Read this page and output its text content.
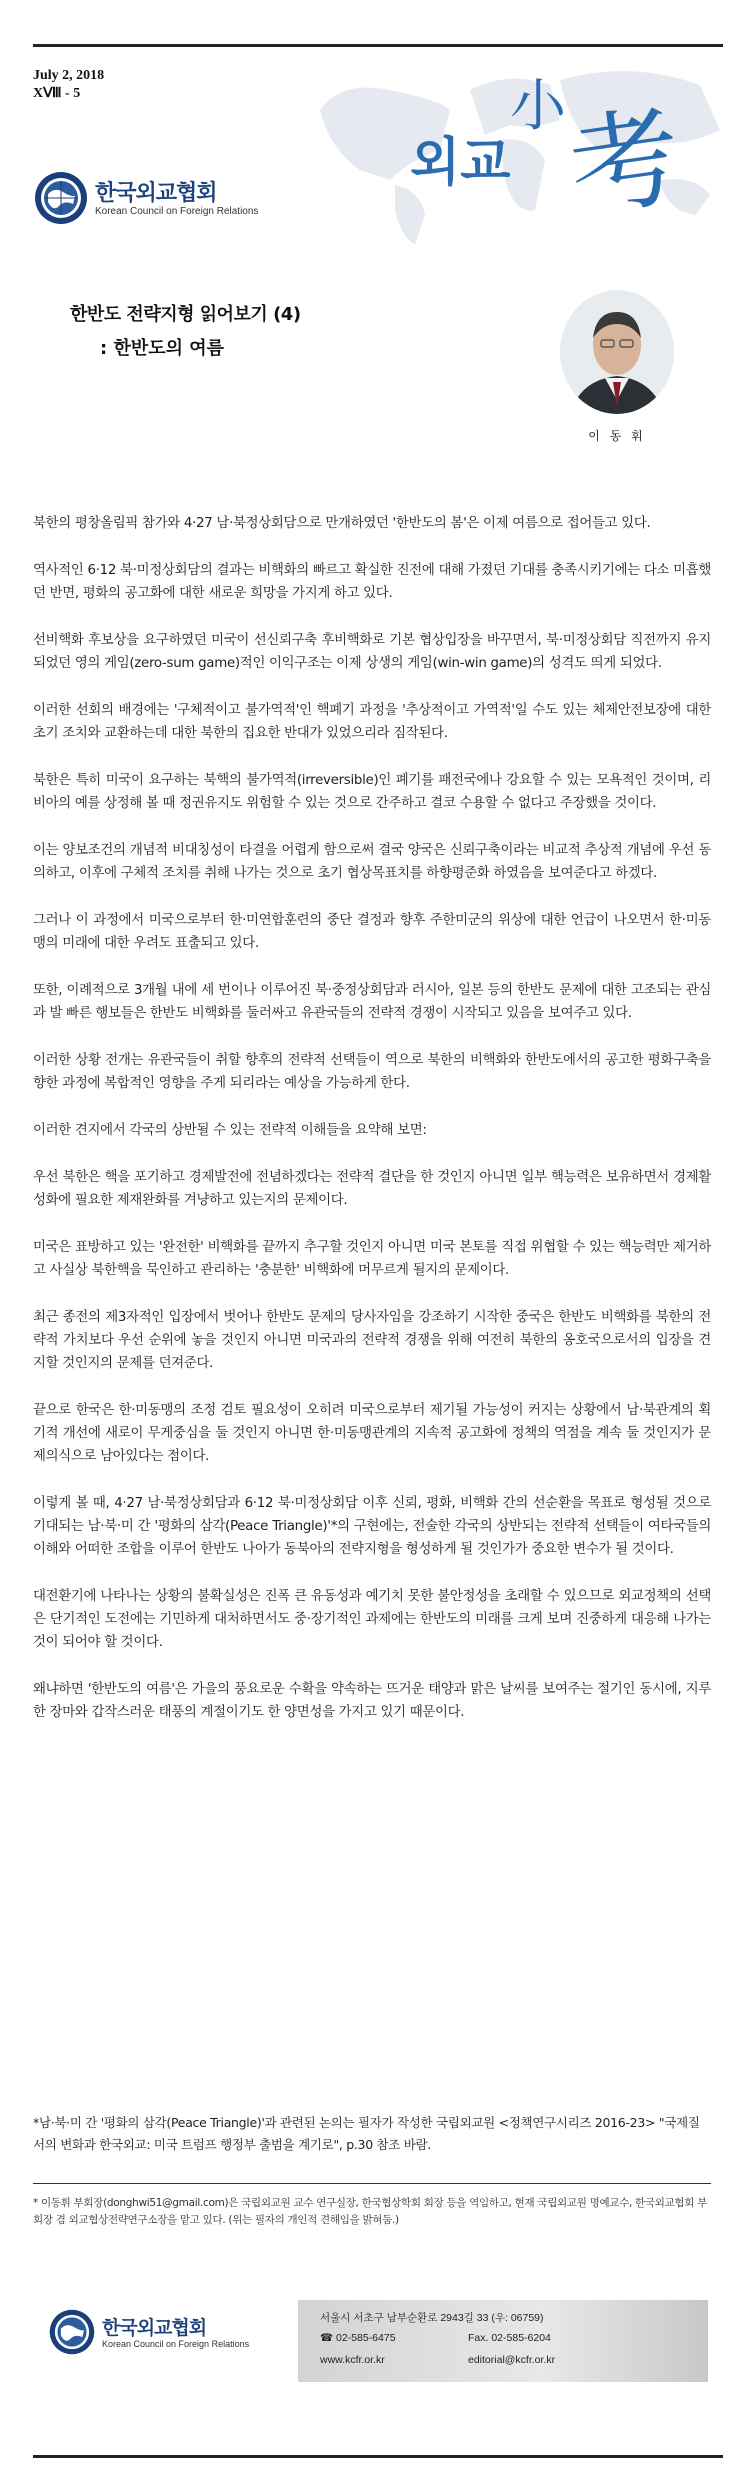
July 2, 2018
XⅧ - 5
한국외교협회
Korean Council on Foreign Relations
외교
小
考
한반도 전략지형 읽어보기 (4)
: 한반도의 여름
이 동 휘

북한의 평창올림픽 참가와 4·27 남·북정상회담으로 만개하였던 '한반도의 봄'은 이제 여름으로 접어들고 있다.

역사적인 6·12 북·미정상회담의 결과는 비핵화의 빠르고 확실한 진전에 대해 가졌던 기대를 충족시키기에는 다소 미흡했던 반면, 평화의 공고화에 대한 새로운 희망을 가지게 하고 있다.

선비핵화 후보상을 요구하였던 미국이 선신뢰구축 후비핵화로 기본 협상입장을 바꾸면서, 북·미정상회담 직전까지 유지되었던 영의 게임(zero-sum game)적인 이익구조는 이제 상생의 게임(win-win game)의 성격도 띄게 되었다.

이러한 선회의 배경에는 '구체적이고 불가역적'인 핵폐기 과정을 '추상적이고 가역적'일 수도 있는 체제안전보장에 대한 초기 조치와 교환하는데 대한 북한의 집요한 반대가 있었으리라 짐작된다.

북한은 특히 미국이 요구하는 북핵의 불가역적(irreversible)인 폐기를 패전국에나 강요할 수 있는 모욕적인 것이며, 리비아의 예를 상정해 볼 때 정권유지도 위험할 수 있는 것으로 간주하고 결코 수용할 수 없다고 주장했을 것이다.

이는 양보조건의 개념적 비대칭성이 타결을 어렵게 함으로써 결국 양국은 신뢰구축이라는 비교적 추상적 개념에 우선 동의하고, 이후에 구체적 조치를 취해 나가는 것으로 초기 협상목표치를 하향평준화 하였음을 보여준다고 하겠다.

그러나 이 과정에서 미국으로부터 한·미연합훈련의 중단 결정과 향후 주한미군의 위상에 대한 언급이 나오면서 한·미동맹의 미래에 대한 우려도 표출되고 있다.

또한, 이례적으로 3개월 내에 세 번이나 이루어진 북·중정상회담과 러시아, 일본 등의 한반도 문제에 대한 고조되는 관심과 발 빠른 행보들은 한반도 비핵화를 둘러싸고 유관국들의 전략적 경쟁이 시작되고 있음을 보여주고 있다.

이러한 상황 전개는 유관국들이 취할 향후의 전략적 선택들이 역으로 북한의 비핵화와 한반도에서의 공고한 평화구축을 향한 과정에 복합적인 영향을 주게 되리라는 예상을 가능하게 한다.

이러한 견지에서 각국의 상반될 수 있는 전략적 이해들을 요약해 보면:

우선 북한은 핵을 포기하고 경제발전에 전념하겠다는 전략적 결단을 한 것인지 아니면 일부 핵능력은 보유하면서 경제활성화에 필요한 제재완화를 겨냥하고 있는지의 문제이다.

미국은 표방하고 있는 '완전한' 비핵화를 끝까지 추구할 것인지 아니면 미국 본토를 직접 위협할 수 있는 핵능력만 제거하고 사실상 북한핵을 묵인하고 관리하는 '충분한' 비핵화에 머무르게 될지의 문제이다.

최근 종전의 제3자적인 입장에서 벗어나 한반도 문제의 당사자임을 강조하기 시작한 중국은 한반도 비핵화를 북한의 전략적 가치보다 우선 순위에 놓을 것인지 아니면 미국과의 전략적 경쟁을 위해 여전히 북한의 옹호국으로서의 입장을 견지할 것인지의 문제를 던져준다.

끝으로 한국은 한·미동맹의 조정 검토 필요성이 오히려 미국으로부터 제기될 가능성이 커지는 상황에서 남·북관계의 획기적 개선에 새로이 무게중심을 둘 것인지 아니면 한·미동맹관계의 지속적 공고화에 정책의 역점을 계속 둘 것인지가 문제의식으로 남아있다는 점이다.

이렇게 볼 때, 4·27 남·북정상회담과 6·12 북·미정상회담 이후 신뢰, 평화, 비핵화 간의 선순환을 목표로 형성될 것으로 기대되는 남·북·미 간 '평화의 삼각(Peace Triangle)'*의 구현에는, 전술한 각국의 상반되는 전략적 선택들이 여타국들의 이해와 어떠한 조합을 이루어 한반도 나아가 동북아의 전략지형을 형성하게 될 것인가가 중요한 변수가 될 것이다.

대전환기에 나타나는 상황의 불확실성은 진폭 큰 유동성과 예기치 못한 불안정성을 초래할 수 있으므로 외교정책의 선택은 단기적인 도전에는 기민하게 대처하면서도 중·장기적인 과제에는 한반도의 미래를 크게 보며 진중하게 대응해 나가는 것이 되어야 할 것이다.

왜냐하면 '한반도의 여름'은 가을의 풍요로운 수확을 약속하는 뜨거운 태양과 맑은 날씨를 보여주는 절기인 동시에, 지루한 장마와 갑작스러운 태풍의 계절이기도 한 양면성을 가지고 있기 때문이다.

*남·북·미 간 '평화의 삼각(Peace Triangle)'과 관련된 논의는 필자가 작성한 국립외교원 <정책연구시리즈 2016-23> "국제질서의 변화과 한국외교: 미국 트럼프 행정부 출범을 계기로", p.30 참조 바람.
* 이동휘 부회장(donghwi51@gmail.com)은 국립외교원 교수 연구실장, 한국협상학회 회장 등을 역임하고, 현재 국립외교원 명예교수, 한국외교협회 부회장 겸 외교협상전략연구소장을 맡고 있다. (위는 필자의 개인적 견해임을 밝혀둠.)
한국외교협회
Korean Council on Foreign Relations
서울시 서초구 남부순환로 2943길 33 (우: 06759)
☎ 02-585-6475	Fax. 02-585-6204
www.kcfr.or.kr	editorial@kcfr.or.kr
